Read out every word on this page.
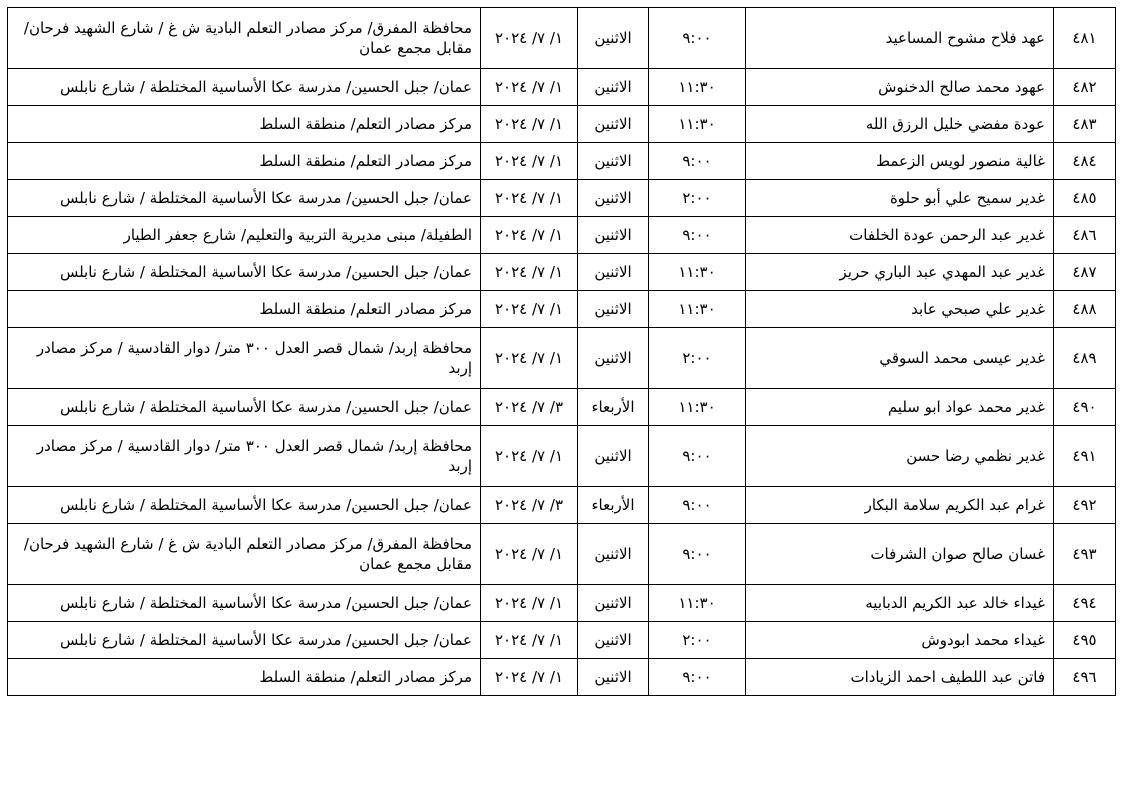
٤٨١	عهد فلاح مشوح المساعيد	٩:٠٠	الاثنين	١/ ٧/ ٢٠٢٤	محافظة المفرق/ مركز مصادر التعلم البادية ش غ / شارع الشهيد فرحان/ مقابل مجمع عمان
٤٨٢	عهود محمد صالح الدخنوش	١١:٣٠	الاثنين	١/ ٧/ ٢٠٢٤	عمان/ جبل الحسين/ مدرسة عكا الأساسية المختلطة / شارع نابلس
٤٨٣	عودة مفضي خليل الرزق الله	١١:٣٠	الاثنين	١/ ٧/ ٢٠٢٤	مركز مصادر التعلم/ منطقة السلط
٤٨٤	غالية منصور لويس الزعمط	٩:٠٠	الاثنين	١/ ٧/ ٢٠٢٤	مركز مصادر التعلم/ منطقة السلط
٤٨٥	غدير سميح علي أبو حلوة	٢:٠٠	الاثنين	١/ ٧/ ٢٠٢٤	عمان/ جبل الحسين/ مدرسة عكا الأساسية المختلطة / شارع نابلس
٤٨٦	غدير عبد الرحمن عودة الخلفات	٩:٠٠	الاثنين	١/ ٧/ ٢٠٢٤	الطفيلة/ مبنى مديرية التربية والتعليم/ شارع جعفر الطيار
٤٨٧	غدير عبد المهدي عبد الباري حريز	١١:٣٠	الاثنين	١/ ٧/ ٢٠٢٤	عمان/ جبل الحسين/ مدرسة عكا الأساسية المختلطة / شارع نابلس
٤٨٨	غدير علي صبحي عابد	١١:٣٠	الاثنين	١/ ٧/ ٢٠٢٤	مركز مصادر التعلم/ منطقة السلط
٤٨٩	غدير عيسى محمد السوقي	٢:٠٠	الاثنين	١/ ٧/ ٢٠٢٤	محافظة إربد/ شمال قصر العدل ٣٠٠ متر/ دوار القادسية / مركز مصادر إربد
٤٩٠	غدير محمد عواد ابو سليم	١١:٣٠	الأربعاء	٣/ ٧/ ٢٠٢٤	عمان/ جبل الحسين/ مدرسة عكا الأساسية المختلطة / شارع نابلس
٤٩١	غدير نظمي رضا حسن	٩:٠٠	الاثنين	١/ ٧/ ٢٠٢٤	محافظة إربد/ شمال قصر العدل ٣٠٠ متر/ دوار القادسية / مركز مصادر إربد
٤٩٢	غرام عبد الكريم سلامة البكار	٩:٠٠	الأربعاء	٣/ ٧/ ٢٠٢٤	عمان/ جبل الحسين/ مدرسة عكا الأساسية المختلطة / شارع نابلس
٤٩٣	غسان صالح صوان الشرفات	٩:٠٠	الاثنين	١/ ٧/ ٢٠٢٤	محافظة المفرق/ مركز مصادر التعلم البادية ش غ / شارع الشهيد فرحان/ مقابل مجمع عمان
٤٩٤	غيداء خالد عبد الكريم الدبابيه	١١:٣٠	الاثنين	١/ ٧/ ٢٠٢٤	عمان/ جبل الحسين/ مدرسة عكا الأساسية المختلطة / شارع نابلس
٤٩٥	غيداء محمد ابودوش	٢:٠٠	الاثنين	١/ ٧/ ٢٠٢٤	عمان/ جبل الحسين/ مدرسة عكا الأساسية المختلطة / شارع نابلس
٤٩٦	فاتن عبد اللطيف احمد الزيادات	٩:٠٠	الاثنين	١/ ٧/ ٢٠٢٤	مركز مصادر التعلم/ منطقة السلط
